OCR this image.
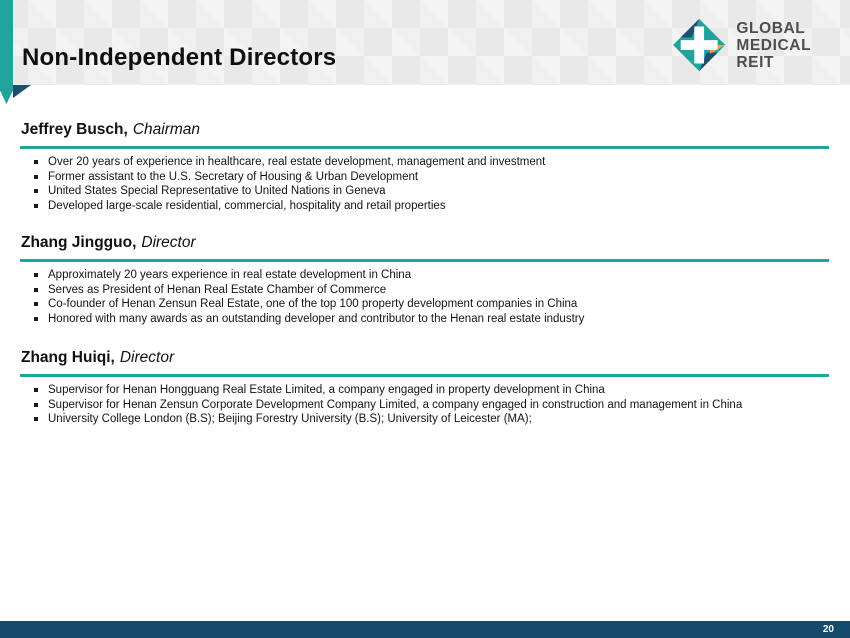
Non-Independent Directors
GLOBAL
MEDICAL REIT
Jeffrey Busch, Chairman
Over 20 years of experience in healthcare, real estate development, management and investment
Former assistant to the U.S. Secretary of Housing & Urban Development
United States Special Representative to United Nations in Geneva
Developed large-scale residential, commercial, hospitality and retail properties
Zhang Jingguo, Director
Approximately 20 years experience in real estate development in China
Serves as President of Henan Real Estate Chamber of Commerce
Co-founder of Henan Zensun Real Estate, one of the top 100 property development companies in China
Honored with many awards as an outstanding developer and contributor to the Henan real estate industry
Zhang Huiqi, Director
Supervisor for Henan Hongguang Real Estate Limited, a company engaged in property development in China
Supervisor for Henan Zensun Corporate Development Company Limited, a company engaged in construction and management in China
University College London (B.S); Beijing Forestry University (B.S); University of Leicester (MA);
20
